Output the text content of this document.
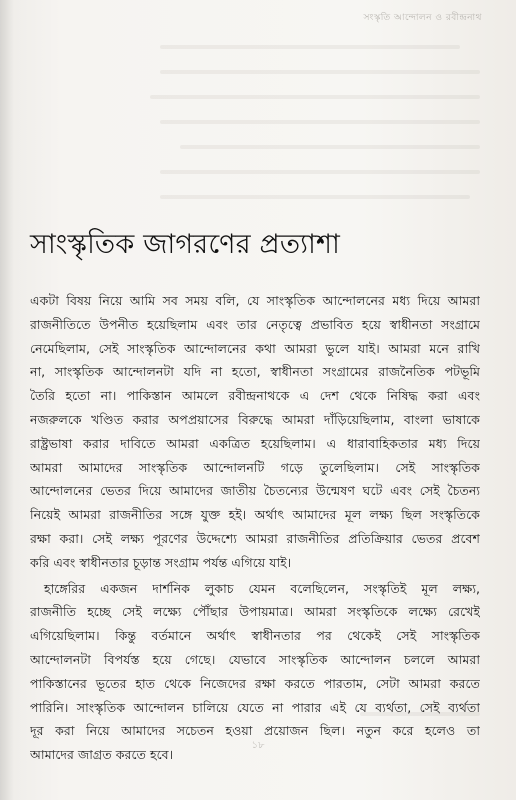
সংস্কৃতি আন্দোলন ও রবীন্দ্রনাথ
সাংস্কৃতিক জাগরণের প্রত্যাশা

একটা বিষয় নিয়ে আমি সব সময় বলি, যে সাংস্কৃতিক আন্দোলনের মধ্য দিয়ে আমরা
রাজনীতিতে উপনীত হয়েছিলাম এবং তার নেতৃত্বে প্রভাবিত হয়ে স্বাধীনতা সংগ্রামে
নেমেছিলাম, সেই সাংস্কৃতিক আন্দোলনের কথা আমরা ভুলে যাই। আমরা মনে রাখি
না, সাংস্কৃতিক আন্দোলনটা যদি না হতো, স্বাধীনতা সংগ্রামের রাজনৈতিক পটভূমি
তৈরি হতো না। পাকিস্তান আমলে রবীন্দ্রনাথকে এ দেশ থেকে নিষিদ্ধ করা এবং
নজরুলকে খণ্ডিত করার অপপ্রয়াসের বিরুদ্ধে আমরা দাঁড়িয়েছিলাম, বাংলা ভাষাকে
রাষ্ট্রভাষা করার দাবিতে আমরা একত্রিত হয়েছিলাম। এ ধারাবাহিকতার মধ্য দিয়ে
আমরা আমাদের সাংস্কৃতিক আন্দোলনটি গড়ে তুলেছিলাম। সেই সাংস্কৃতিক
আন্দোলনের ভেতর দিয়ে আমাদের জাতীয় চৈতন্যের উন্মেষণ ঘটে এবং সেই চৈতন্য
নিয়েই আমরা রাজনীতির সঙ্গে যুক্ত হই। অর্থাৎ আমাদের মূল লক্ষ্য ছিল সংস্কৃতিকে
রক্ষা করা। সেই লক্ষ্য পূরণের উদ্দেশ্যে আমরা রাজনীতির প্রতিক্রিয়ার ভেতর প্রবেশ
করি এবং স্বাধীনতার চূড়ান্ত সংগ্রাম পর্যন্ত এগিয়ে যাই।

হাঙ্গেরির একজন দার্শনিক লুকাচ যেমন বলেছিলেন, সংস্কৃতিই মূল লক্ষ্য,
রাজনীতি হচ্ছে সেই লক্ষ্যে পৌঁছার উপায়মাত্র। আমরা সংস্কৃতিকে লক্ষ্যে রেখেই
এগিয়েছিলাম। কিন্তু বর্তমানে অর্থাৎ স্বাধীনতার পর থেকেই সেই সাংস্কৃতিক
আন্দোলনটা বিপর্যস্ত হয়ে গেছে। যেভাবে সাংস্কৃতিক আন্দোলন চললে আমরা
পাকিস্তানের ভূতের হাত থেকে নিজেদের রক্ষা করতে পারতাম, সেটা আমরা করতে
পারিনি। সাংস্কৃতিক আন্দোলন চালিয়ে যেতে না পারার এই যে ব্যর্থতা, সেই ব্যর্থতা
দূর করা নিয়ে আমাদের সচেতন হওয়া প্রয়োজন ছিল। নতুন করে হলেও তা
আমাদের জাগ্রত করতে হবে।

১৮
